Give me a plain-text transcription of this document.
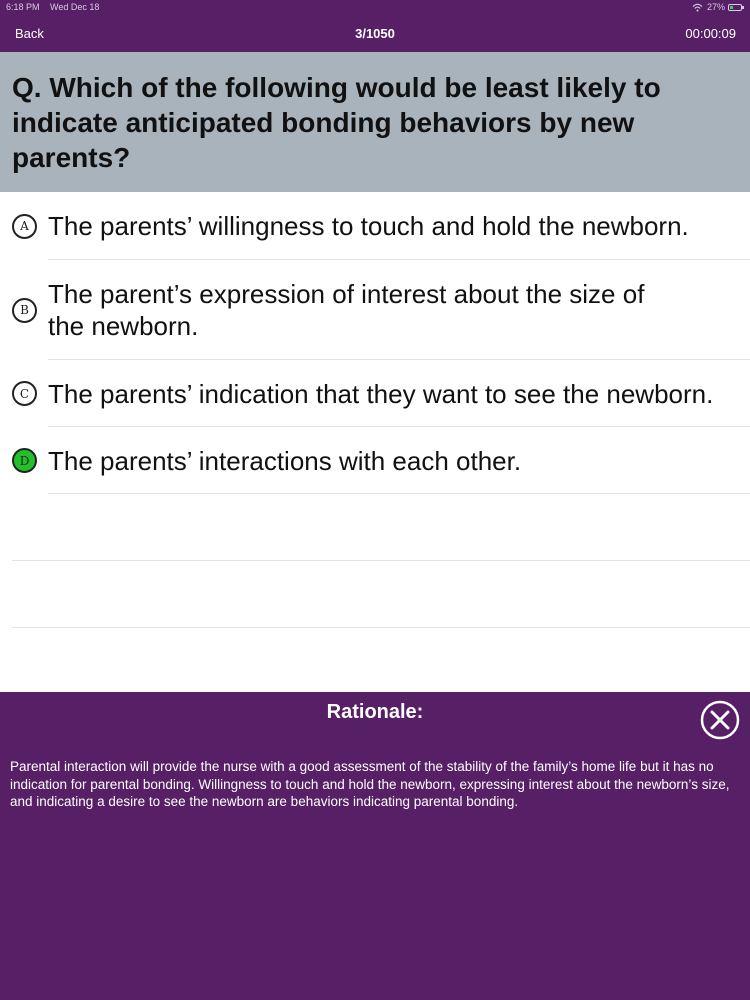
6:18 PM Wed Dec 18	27%
Back	3/1050	00:00:09
Q. Which of the following would be least likely to indicate anticipated bonding behaviors by new parents?
A The parents’ willingness to touch and hold the newborn.
B
The parent’s expression of interest about the size of the newborn.
C The parents’ indication that they want to see the newborn.
D The parents’ interactions with each other.
Rationale:
Parental interaction will provide the nurse with a good assessment of the stability of the family’s home life but it has no indication for parental bonding. Willingness to touch and hold the newborn, expressing interest about the newborn’s size, and indicating a desire to see the newborn are behaviors indicating parental bonding.
